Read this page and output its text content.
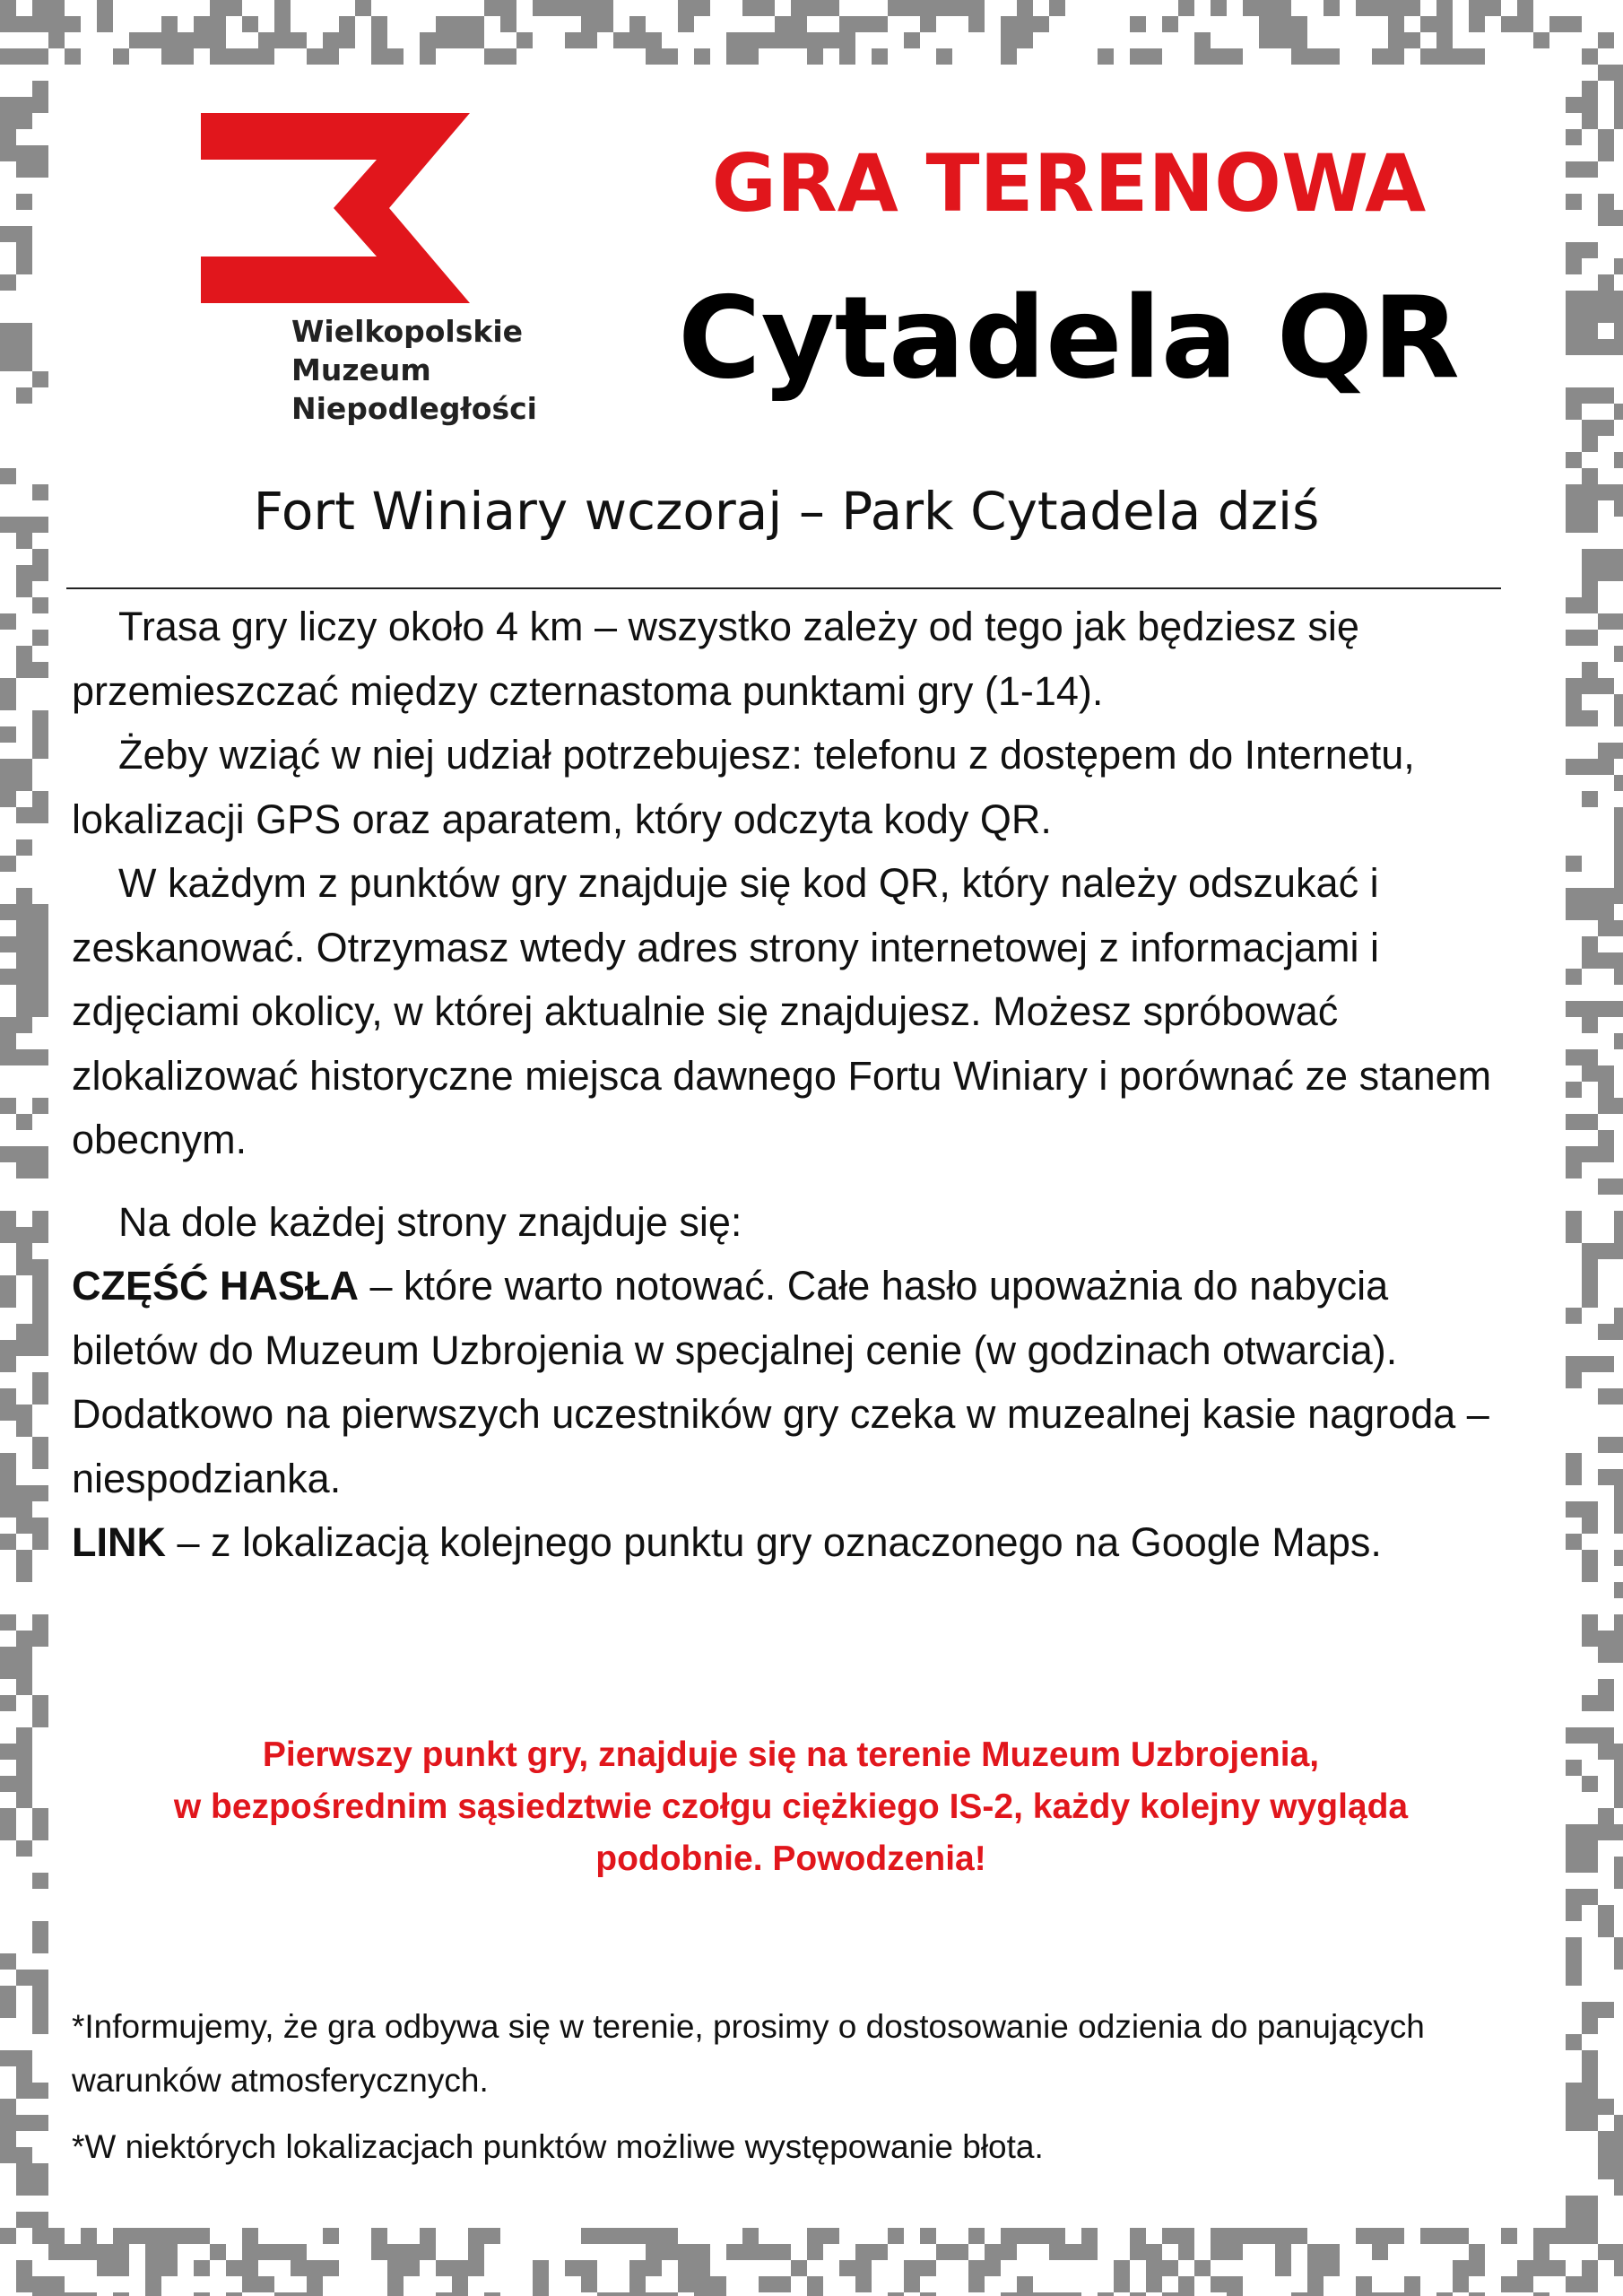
Wielkopolskie
Muzeum
Niepodległości
GRA TERENOWA
Cytadela QR
Fort Winiary wczoraj – Park Cytadela dziś

Trasa gry liczy około 4 km – wszystko zależy od tego jak będziesz się przemieszczać między czternastoma punktami gry (1-14).

Żeby wziąć w niej udział potrzebujesz: telefonu z dostępem do Internetu, lokalizacji GPS oraz aparatem, który odczyta kody QR.

W każdym z punktów gry znajduje się kod QR, który należy odszukać i zeskanować. Otrzymasz wtedy adres strony internetowej z informacjami i zdjęciami okolicy, w której aktualnie się znajdujesz. Możesz spróbować zlokalizować historyczne miejsca dawnego Fortu Winiary i porównać ze stanem obecnym.

Na dole każdej strony znajduje się:

CZĘŚĆ HASŁA – które warto notować. Całe hasło upoważnia do nabycia biletów do Muzeum Uzbrojenia w specjalnej cenie (w godzinach otwarcia). Dodatkowo na pierwszych uczestników gry czeka w muzealnej kasie nagroda – niespodzianka.

LINK – z lokalizacją kolejnego punktu gry oznaczonego na Google Maps.

Pierwszy punkt gry, znajduje się na terenie Muzeum Uzbrojenia,
w bezpośrednim sąsiedztwie czołgu ciężkiego IS-2, każdy kolejny wygląda
podobnie. Powodzenia!

*Informujemy, że gra odbywa się w terenie, prosimy o dostosowanie odzienia do panujących warunków atmosferycznych.

*W niektórych lokalizacjach punktów możliwe występowanie błota.
